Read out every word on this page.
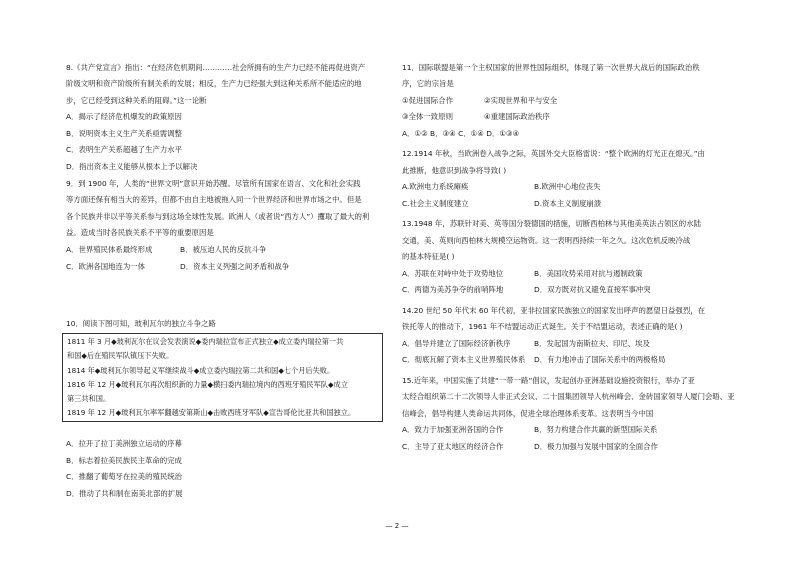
8.《共产党宣言》指出：“在经济危机期间…………社会所拥有的生产力已经不能再促进资产
阶级文明和资产阶级所有制关系的发展；相反，生产力已经强大到这种关系所不能适应的地
步，它已经受到这种关系的阻碍。”这一论断
A．揭示了经济危机爆发的政策原因
B．说明资本主义生产关系亟需调整
C．表明生产关系超越了生产力水平
D．指出资本主义能够从根本上予以解决
9．到 1900 年，人类的“世界文明”意识开始苏醒。尽管所有国家在语言、文化和社会实践
等方面还保有相当大的差异，但都不由自主地被拖入同一个世界经济和世界市场之中。但是
各个民族并非以平等关系参与到这场全球性发展。欧洲人（或者说“西方人”）攫取了最大的利
益。造成当时各民族关系不平等的重要原因是
A．世界殖民体系最终形成	B．被压迫人民的反抗斗争
C．欧洲各国地连为一体	D．资本主义列强之间矛盾和战争
10．阅读下图可知，玻利瓦尔的独立斗争之路
A．拉开了拉丁美洲独立运动的序幕
B．标志着拉美民族民主革命的完成
C．推翻了葡萄牙在拉美的殖民统治
D．推动了共和制在南美北部的扩展
1811 年 3 月◆玻利瓦尔在议会发表演说◆委内瑞拉宣布正式独立◆成立委内瑞拉第一共
和国◆后在殖民军队镇压下失败。
1814 年◆玻利瓦尔领导起义军继续战斗◆成立委内瑞拉第二共和国◆七个月后失败。
1816 年 12 月◆玻利瓦尔再次组织新的力量◆横扫委内瑞拉境内的西班牙殖民军队◆成立
第三共和国。
1819 年 12 月◆玻利瓦尔率军翻越安第斯山◆击败西班牙军队◆宣告哥伦比亚共和国独立。
11．国际联盟是第一个主权国家的世界性国际组织，体现了第一次世界大战后的国际政治秩
序，它的宗旨是
①促进国际合作	②实现世界和平与安全
③全体一致原则	④重建国际政治秩序
A．①② B．③④ C．①④ D．①③④
12.1914 年秋，当欧洲卷入战争之际，英国外交大臣格雷说：“整个欧洲的灯光正在熄灭。”由
此推断，他意识到战争将导致( )
A.欧洲电力系统瘫痪	B.欧洲中心地位丧失
C.社会主义制度建立	D.资本主义制度崩溃
13.1948 年，苏联针对美、英等国分裂德国的措施，切断西柏林与其他美英法占领区的水陆
交通，美、英则向西柏林大规模空运物资。这一表明西持续一年之久。这次危机反映冷战
的基本特征是( )
A．苏联在对峙中处于攻势地位	B．美国攻势采用对抗与遏制政策
C．两德为美苏争夺的前哨阵地	D．双方既对抗又避免直接军事冲突
14.20 世纪 50 年代末 60 年代初，亚非拉国家民族独立的国家发出呼声的愿望日益强烈，在
铁托等人的推动下，1961 年不结盟运动正式诞生。关于不结盟运动，表述正确的是( )
A．倡导并建立了国际经济新秩序	B．发起国为南斯拉夫、印尼、埃及
C．彻底瓦解了资本主义世界殖民体系 D．有力地冲击了国际关系中的两极格局
15.近年来，中国实施了共建“一带一路”倡议，发起创办亚洲基础设施投资银行，举办了亚
太经合组织第二十二次领导人非正式会议、二十国集团领导人杭州峰会、金砖国家领导人厦门会晤、亚
信峰会，倡导构建人类命运共同体，促进全球治理体系变革。这表明当今中国
A．致力于加强亚洲各国的合作	B．努力构建合作共赢的新型国际关系
C．主导了亚太地区的经济合作	D．极力加强与发展中国家的全面合作
— 2 —
